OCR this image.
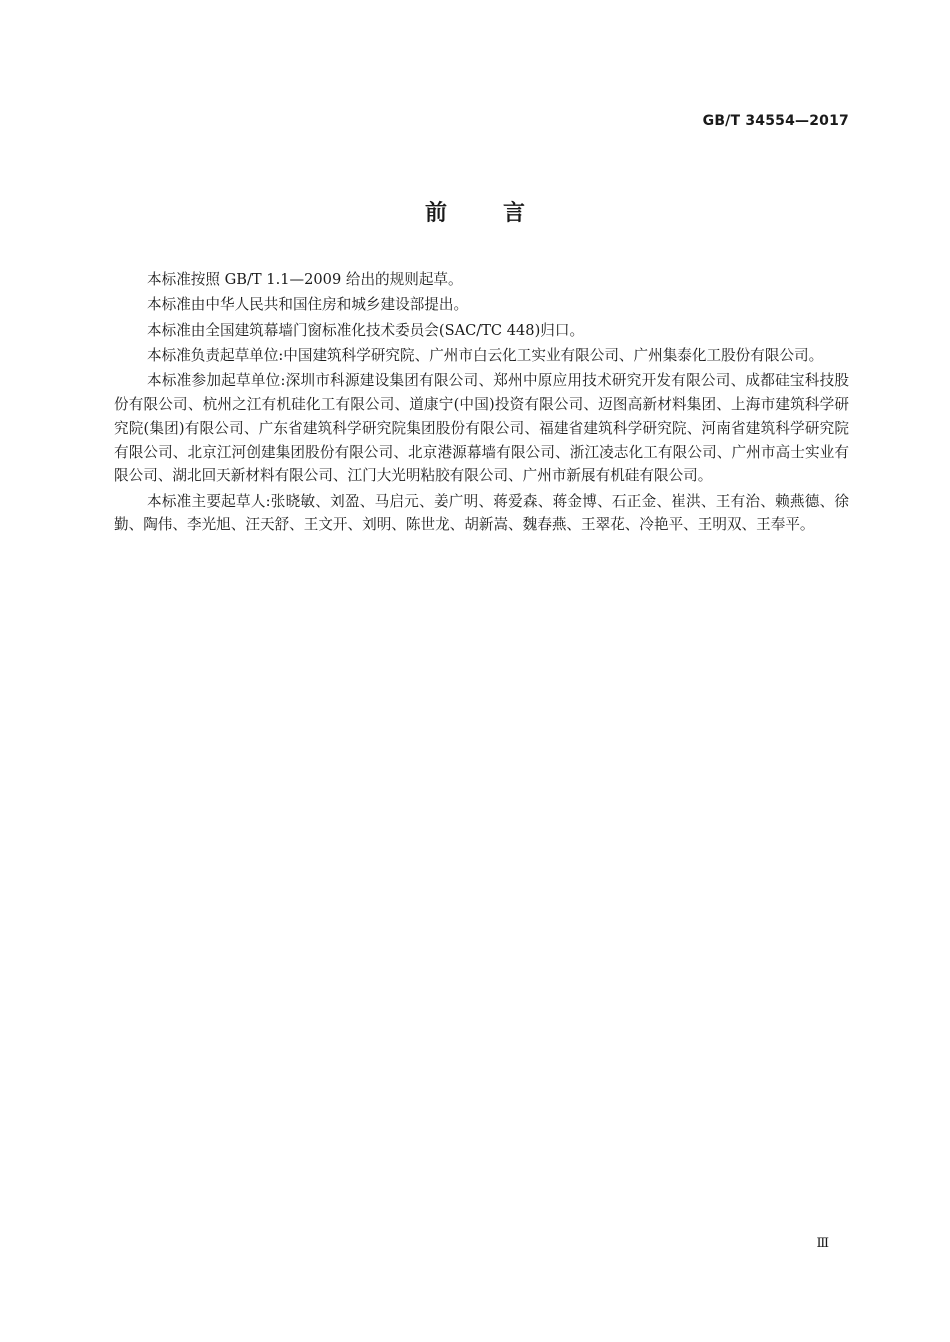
GB/T 34554—2017
前言

本标准按照 GB/T 1.1—2009 给出的规则起草。

本标准由中华人民共和国住房和城乡建设部提出。

本标准由全国建筑幕墙门窗标准化技术委员会(SAC/TC 448)归口。

本标准负责起草单位:中国建筑科学研究院、广州市白云化工实业有限公司、广州集泰化工股份有限公司。

本标准参加起草单位:深圳市科源建设集团有限公司、郑州中原应用技术研究开发有限公司、成都硅宝科技股份有限公司、杭州之江有机硅化工有限公司、道康宁(中国)投资有限公司、迈图高新材料集团、上海市建筑科学研究院(集团)有限公司、广东省建筑科学研究院集团股份有限公司、福建省建筑科学研究院、河南省建筑科学研究院有限公司、北京江河创建集团股份有限公司、北京港源幕墙有限公司、浙江凌志化工有限公司、广州市高士实业有限公司、湖北回天新材料有限公司、江门大光明粘胶有限公司、广州市新展有机硅有限公司。

本标准主要起草人:张晓敏、刘盈、马启元、姜广明、蒋爱森、蒋金博、石正金、崔洪、王有治、赖燕德、徐勤、陶伟、李光旭、汪天舒、王文开、刘明、陈世龙、胡新嵩、魏春燕、王翠花、冷艳平、王明双、王奉平。

Ⅲ
